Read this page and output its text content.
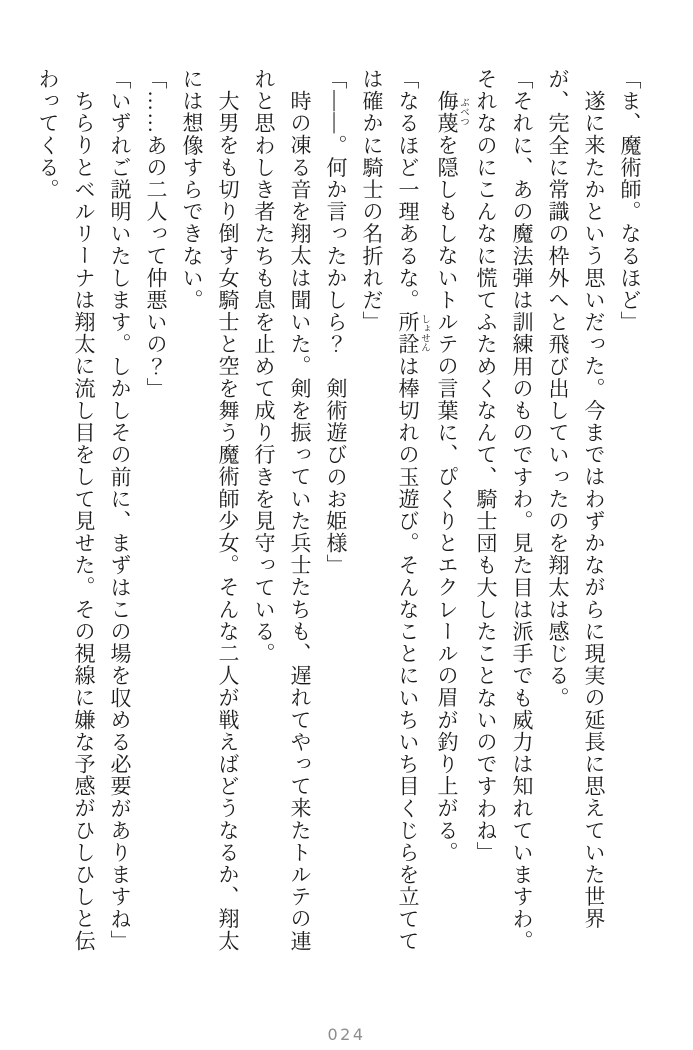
「ま、魔術師。なるほど」

遂に来たかという思いだった。今まではわずかながらに現実の延長に思えていた世界が、完全に常識の枠外へと飛び出していったのを翔太は感じる。

「それに、あの魔法弾は訓練用のものですわ。見た目は派手でも威力は知れていますわ。それなのにこんなに慌てふためくなんて、騎士団も大したことないのですわね」

侮蔑 ぶべつを隠しもしないトルテの言葉に、ぴくりとエクレールの眉が釣り上がる。

「なるほど一理あるな。所詮 しょせんは棒切れの玉遊び。そんなことにいちいち目くじらを立てては確かに騎士の名折れだ」

「――。何か言ったかしら？　剣術遊びのお姫様」

時の凍る音を翔太は聞いた。剣を振っていた兵士たちも、遅れてやって来たトルテの連れと思わしき者たちも息を止めて成り行きを見守っている。

大男をも切り倒す女騎士と空を舞う魔術師少女。そんな二人が戦えばどうなるか、翔太には想像すらできない。

「……あの二人って仲悪いの？」

「いずれご説明いたします。しかしその前に、まずはこの場を収める必要がありますね」

ちらりとベルリーナは翔太に流し目をして見せた。その視線に嫌な予感がひしひしと伝わってくる。

024
